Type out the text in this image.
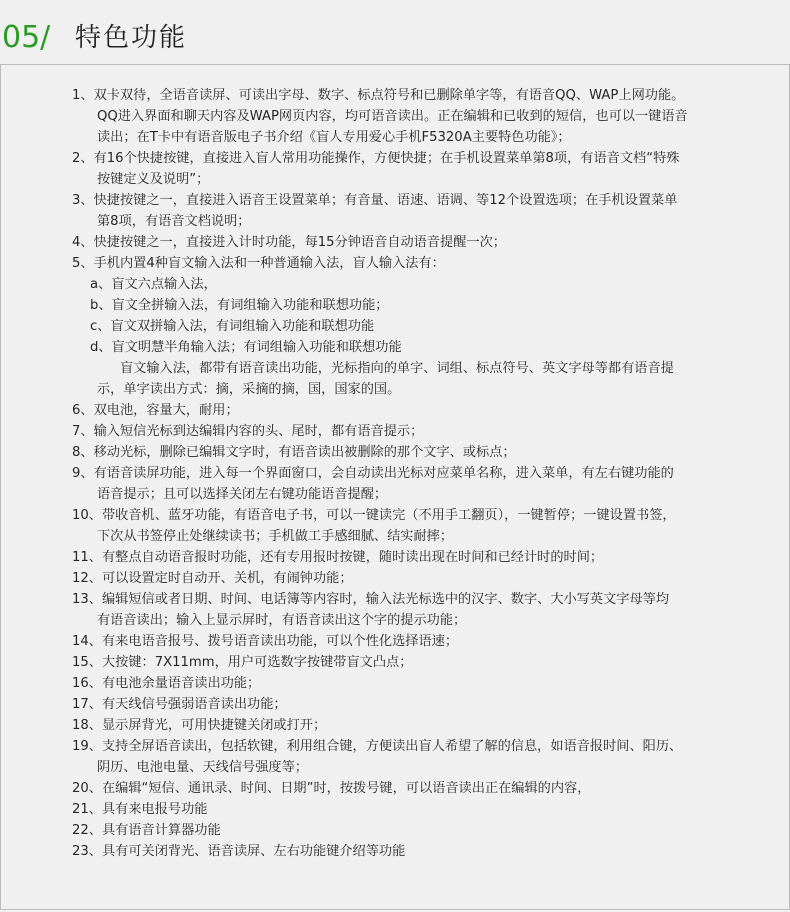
05/ 特色功能
1、双卡双待，全语音读屏、可读出字母、数字、标点符号和已删除单字等，有语音QQ、WAP上网功能。
QQ进入界面和聊天内容及WAP网页内容，均可语音读出。正在编辑和已收到的短信，也可以一键语音
读出；在T卡中有语音版电子书介绍《盲人专用爱心手机F5320A主要特色功能》；
2、有16个快捷按键，直接进入盲人常用功能操作，方便快捷；在手机设置菜单第8项，有语音文档“特殊
按键定义及说明”；
3、快捷按键之一，直接进入语音王设置菜单；有音量、语速、语调、等12个设置选项；在手机设置菜单
第8项，有语音文档说明；
4、快捷按键之一，直接进入计时功能，每15分钟语音自动语音提醒一次；
5、手机内置4种盲文输入法和一种普通输入法，盲人输入法有：
a、盲文六点输入法，
b、盲文全拼输入法，有词组输入功能和联想功能；
c、盲文双拼输入法，有词组输入功能和联想功能
d、盲文明慧半角输入法；有词组输入功能和联想功能
盲文输入法，都带有语音读出功能，光标指向的单字、词组、标点符号、英文字母等都有语音提
示，单字读出方式：摘，采摘的摘，国，国家的国。
6、双电池，容量大，耐用；
7、输入短信光标到达编辑内容的头、尾时，都有语音提示；
8、移动光标，删除已编辑文字时，有语音读出被删除的那个文字、或标点；
9、有语音读屏功能，进入每一个界面窗口，会自动读出光标对应菜单名称，进入菜单，有左右键功能的
语音提示；且可以选择关闭左右键功能语音提醒；
10、带收音机、蓝牙功能，有语音电子书，可以一键读完（不用手工翻页），一键暂停；一键设置书签，
下次从书签停止处继续读书；手机做工手感细腻、结实耐摔；
11、有整点自动语音报时功能，还有专用报时按键，随时读出现在时间和已经计时的时间；
12、可以设置定时自动开、关机，有闹钟功能；
13、编辑短信或者日期、时间、电话簿等内容时，输入法光标选中的汉字、数字、大小写英文字母等均
有语音读出；输入上显示屏时，有语音读出这个字的提示功能；
14、有来电语音报号、拨号语音读出功能，可以个性化选择语速；
15、大按键：7X11mm，用户可选数字按键带盲文凸点；
16、有电池余量语音读出功能；
17、有天线信号强弱语音读出功能；
18、显示屏背光，可用快捷键关闭或打开；
19、支持全屏语音读出，包括软键，利用组合键，方便读出盲人希望了解的信息，如语音报时间、阳历、
阴历、电池电量、天线信号强度等；
20、在编辑“短信、通讯录、时间、日期”时，按拨号键，可以语音读出正在编辑的内容，
21、具有来电报号功能
22、具有语音计算器功能
23、具有可关闭背光、语音读屏、左右功能键介绍等功能
